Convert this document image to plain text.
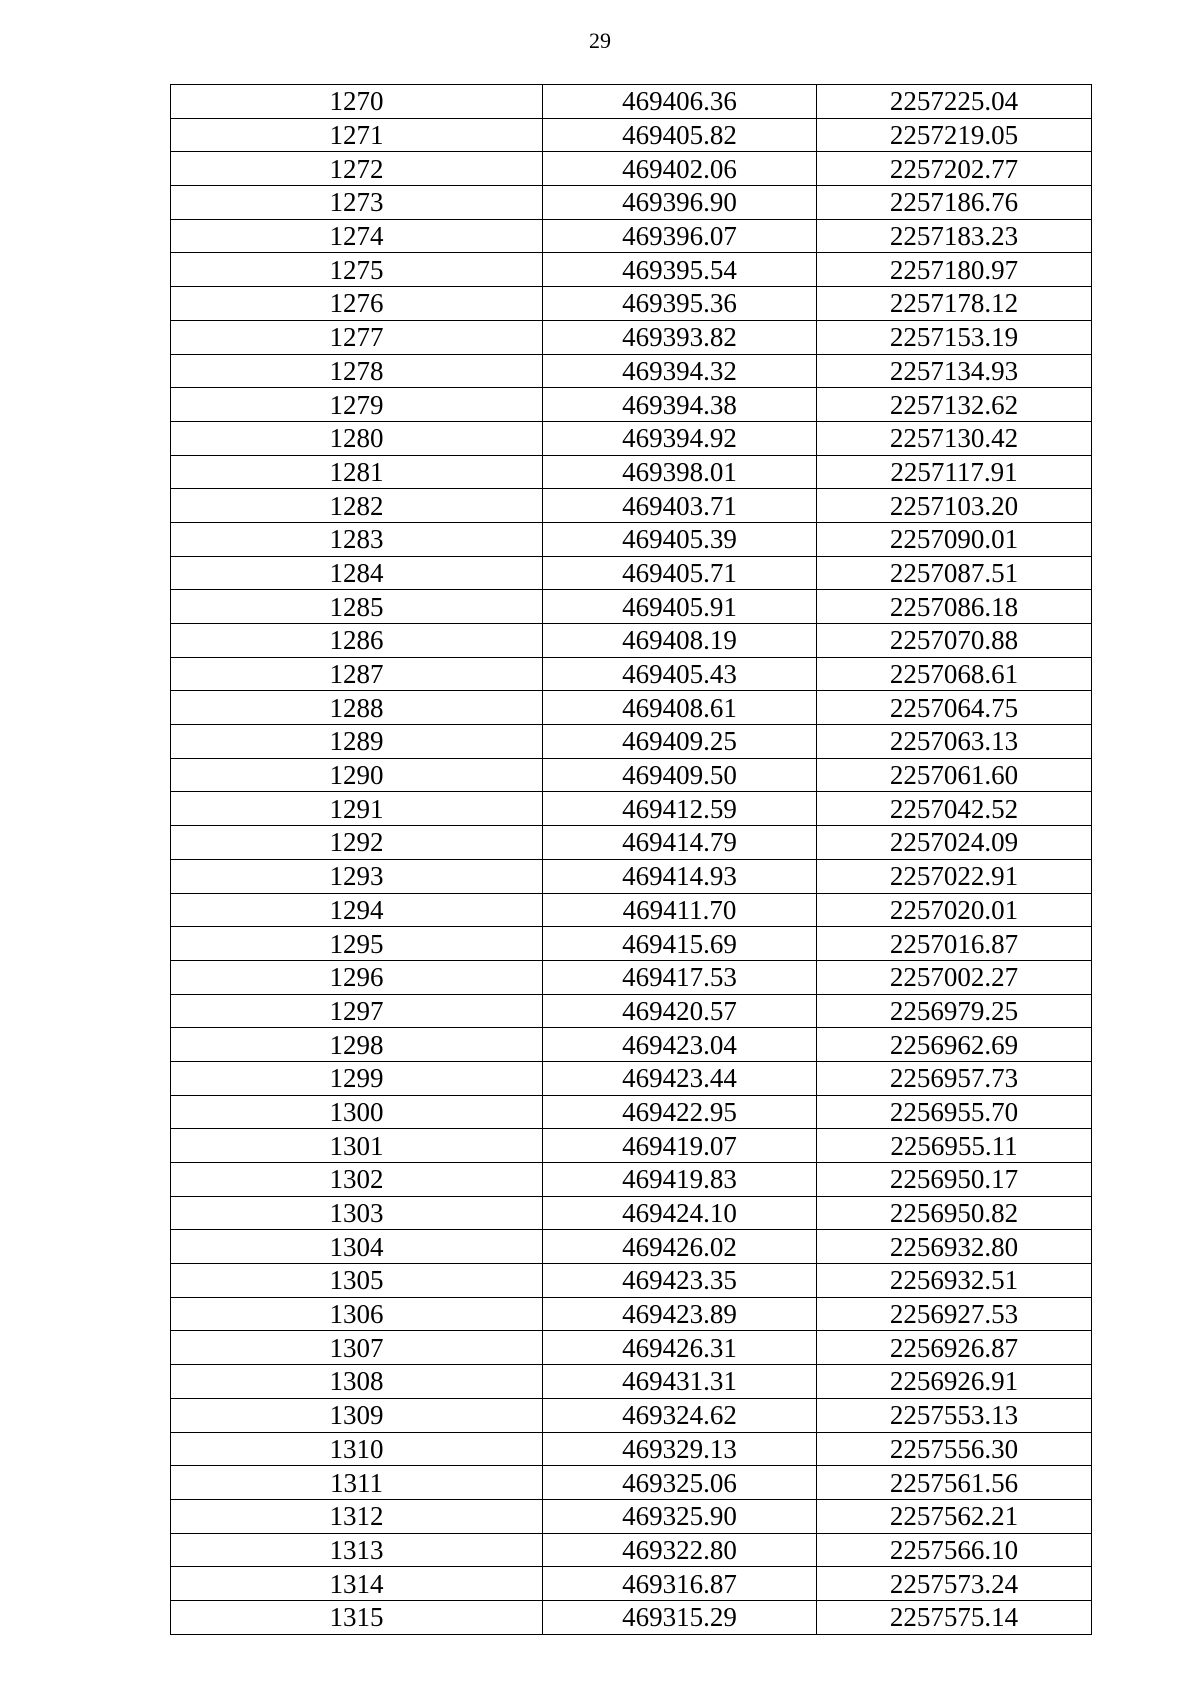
29
1270	469406.36	2257225.04
1271	469405.82	2257219.05
1272	469402.06	2257202.77
1273	469396.90	2257186.76
1274	469396.07	2257183.23
1275	469395.54	2257180.97
1276	469395.36	2257178.12
1277	469393.82	2257153.19
1278	469394.32	2257134.93
1279	469394.38	2257132.62
1280	469394.92	2257130.42
1281	469398.01	2257117.91
1282	469403.71	2257103.20
1283	469405.39	2257090.01
1284	469405.71	2257087.51
1285	469405.91	2257086.18
1286	469408.19	2257070.88
1287	469405.43	2257068.61
1288	469408.61	2257064.75
1289	469409.25	2257063.13
1290	469409.50	2257061.60
1291	469412.59	2257042.52
1292	469414.79	2257024.09
1293	469414.93	2257022.91
1294	469411.70	2257020.01
1295	469415.69	2257016.87
1296	469417.53	2257002.27
1297	469420.57	2256979.25
1298	469423.04	2256962.69
1299	469423.44	2256957.73
1300	469422.95	2256955.70
1301	469419.07	2256955.11
1302	469419.83	2256950.17
1303	469424.10	2256950.82
1304	469426.02	2256932.80
1305	469423.35	2256932.51
1306	469423.89	2256927.53
1307	469426.31	2256926.87
1308	469431.31	2256926.91
1309	469324.62	2257553.13
1310	469329.13	2257556.30
1311	469325.06	2257561.56
1312	469325.90	2257562.21
1313	469322.80	2257566.10
1314	469316.87	2257573.24
1315	469315.29	2257575.14
